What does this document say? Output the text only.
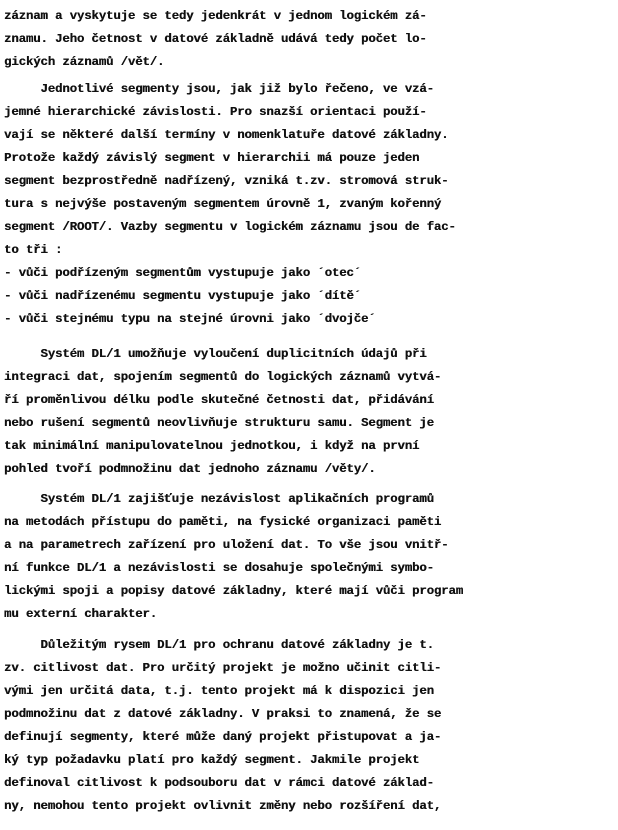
záznam a vyskytuje se tedy jedenkrát v jednom logickém zá-
znamu. Jeho četnost v datové základně udává tedy počet lo-
gických záznamů /vět/.
Jednotlivé segmenty jsou, jak již bylo řečeno, ve vzá-
jemné hierarchické závislosti. Pro snazší orientaci použí-
vají se některé další termíny v nomenklatuře datové základny.
Protože každý závislý segment v hierarchii má pouze jeden
segment bezprostředně nadřízený, vzniká t.zv. stromová struk-
tura s nejvýše postaveným segmentem úrovně 1, zvaným kořenný
segment /ROOT/. Vazby segmentu v logickém záznamu jsou de fac-
to tři :
- vůči podřízeným segmentům vystupuje jako ´otec´
- vůči nadřízenému segmentu vystupuje jako ´dítě´
- vůči stejnému typu na stejné úrovni jako ´dvojče´
Systém DL/1 umožňuje vyloučení duplicitních údajů při
integraci dat, spojením segmentů do logických záznamů vytvá-
ří proměnlivou délku podle skutečné četnosti dat, přidávání
nebo rušení segmentů neovlivňuje strukturu samu. Segment je
tak minimální manipulovatelnou jednotkou, i když na první
pohled tvoří podmnožinu dat jednoho záznamu /věty/.
Systém DL/1 zajišťuje nezávislost aplikačních programů
na metodách přístupu do paměti, na fysické organizaci paměti
a na parametrech zařízení pro uložení dat. To vše jsou vnitř-
ní funkce DL/1 a nezávislosti se dosahuje společnými symbo-
lickými spoji a popisy datové základny, které mají vůči program
mu externí charakter.
Důležitým rysem DL/1 pro ochranu datové základny je t.
zv. citlivost dat. Pro určitý projekt je možno učinit citli-
vými jen určitá data, t.j. tento projekt má k dispozici jen
podmnožinu dat z datové základny. V praksi to znamená, že se
definují segmenty, které může daný projekt přistupovat a ja-
ký typ požadavku platí pro každý segment. Jakmile projekt
definoval citlivost k podsouboru dat v rámci datové základ-
ny, nemohou tento projekt ovlivnit změny nebo rozšíření dat,
